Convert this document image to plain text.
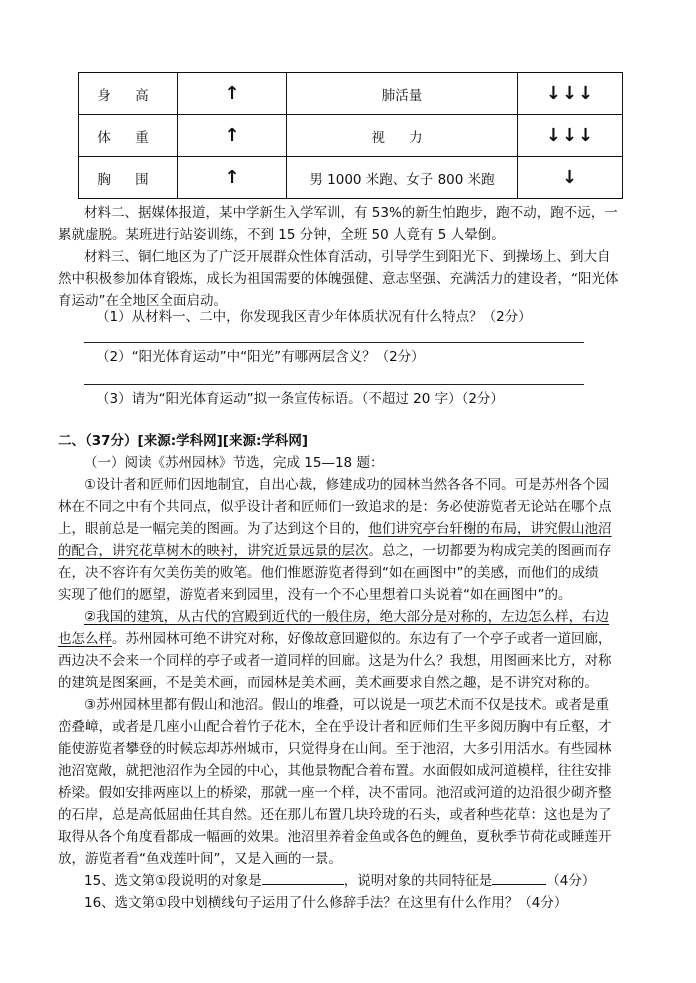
身 高	↑	肺活量	↓↓↓
体 重	↑	视 力	↓↓↓
胸 围	↑	男 1000 米跑、女子 800 米跑	↓
材料二、据媒体报道，某中学新生入学军训，有 53%的新生怕跑步，跑不动，跑不远，一
累就虚脱。某班进行站姿训练，不到 15 分钟，全班 50 人竟有 5 人晕倒。
材料三、铜仁地区为了广泛开展群众性体育活动，引导学生到阳光下、到操场上、到大自
然中积极参加体育锻炼，成长为祖国需要的体魄强健、意志坚强、充满活力的建设者，“阳光体
育运动”在全地区全面启动。
（1）从材料一、二中，你发现我区青少年体质状况有什么特点？（2分）
（2）“阳光体育运动”中“阳光”有哪两层含义？（2分）
（3）请为“阳光体育运动”拟一条宣传标语。（不超过 20 字）（2分）
二、（37分）[来源:学科网][来源:学科网]
（一）阅读《苏州园林》节选，完成 15—18 题：
①设计者和匠师们因地制宜，自出心裁，修建成功的园林当然各各不同。可是苏州各个园
林在不同之中有个共同点，似乎设计者和匠师们一致追求的是：务必使游览者无论站在哪个点
上，眼前总是一幅完美的图画。为了达到这个目的，他们讲究亭台轩榭的布局，讲究假山池沼
的配合，讲究花草树木的映衬，讲究近景远景的层次。总之，一切都要为构成完美的图画而存
在，决不容许有欠美伤美的败笔。他们惟愿游览者得到“如在画图中”的美感，而他们的成绩
实现了他们的愿望，游览者来到园里，没有一个不心里想着口头说着“如在画图中”的。
②我国的建筑，从古代的宫殿到近代的一般住房，绝大部分是对称的，左边怎么样，右边
也怎么样。苏州园林可绝不讲究对称，好像故意回避似的。东边有了一个亭子或者一道回廊，
西边决不会来一个同样的亭子或者一道同样的回廊。这是为什么？我想，用图画来比方，对称
的建筑是图案画，不是美术画，而园林是美术画，美术画要求自然之趣，是不讲究对称的。
③苏州园林里都有假山和池沼。假山的堆叠，可以说是一项艺术而不仅是技术。或者是重
峦叠嶂，或者是几座小山配合着竹子花木，全在乎设计者和匠师们生平多阅历胸中有丘壑，才
能使游览者攀登的时候忘却苏州城市，只觉得身在山间。至于池沼，大多引用活水。有些园林
池沼宽敞，就把池沼作为全园的中心，其他景物配合着布置。水面假如成河道模样，往往安排
桥梁。假如安排两座以上的桥梁，那就一座一个样，决不雷同。池沼或河道的边沿很少砌齐整
的石岸，总是高低屈曲任其自然。还在那儿布置几块玲珑的石头，或者种些花草：这也是为了
取得从各个角度看都成一幅画的效果。池沼里养着金鱼或各色的鲤鱼，夏秋季节荷花或睡莲开
放，游览者看“鱼戏莲叶间”，又是入画的一景。
15、选文第①段说明的对象是	，说明对象的共同特征是	（4分）
16、选文第①段中划横线句子运用了什么修辞手法？在这里有什么作用？（4分）
